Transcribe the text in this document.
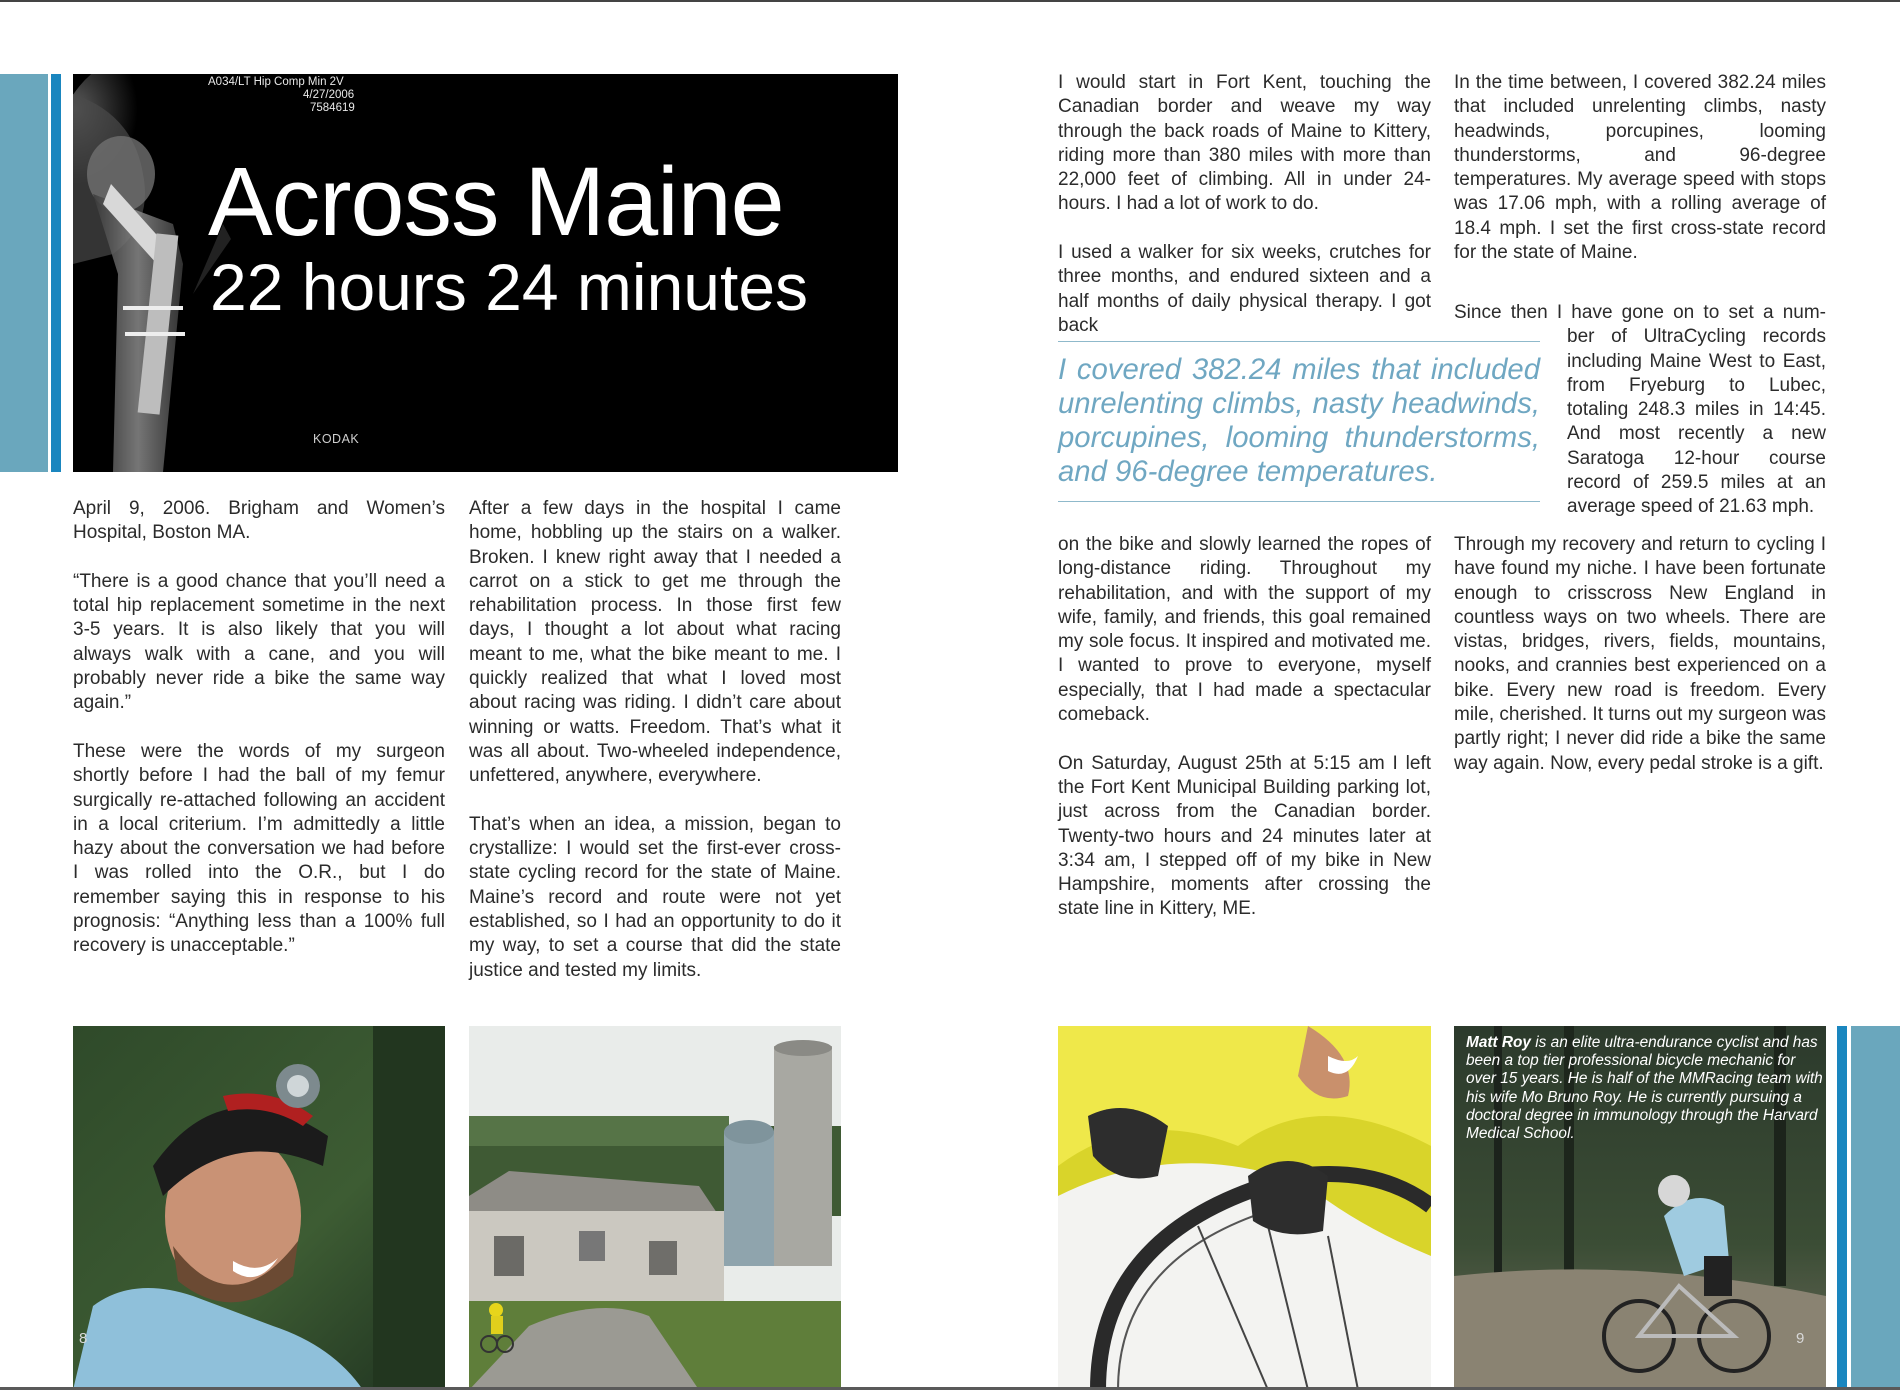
A034/LT Hip Comp Min 2V
4/27/2006
7584619
KODAK
Across Maine
22 hours 24 minutes

April 9, 2006. Brigham and Women’s Hospital, Boston MA.

“There is a good chance that you’ll need a total hip replacement sometime in the next 3-5 years. It is also likely that you will always walk with a cane, and you will probably never ride a bike the same way again.”

These were the words of my surgeon shortly before I had the ball of my femur surgically re-attached following an accident in a local criterium. I’m admittedly a little hazy about the conversation we had before I was rolled into the O.R., but I do remember saying this in response to his prognosis: “Anything less than a 100% full recovery is unacceptable.”

After a few days in the hospital I came home, hobbling up the stairs on a walker. Broken. I knew right away that I needed a carrot on a stick to get me through the rehabilitation process. In those first few days, I thought a lot about what racing meant to me, what the bike meant to me. I quickly realized that what I loved most about racing was riding. I didn’t care about winning or watts. Freedom. That’s what it was all about. Two-wheeled independence, unfettered, anywhere, everywhere.

That’s when an idea, a mission, began to crystallize: I would set the first-ever cross-state cycling record for the state of Maine. Maine’s record and route were not yet established, so I had an opportunity to do it my way, to set a course that did the state justice and tested my limits.

I would start in Fort Kent, touching the Canadian border and weave my way through the back roads of Maine to Kittery, riding more than 380 miles with more than 22,000 feet of climbing. All in under 24-hours. I had a lot of work to do.

I used a walker for six weeks, crutches for three months, and endured sixteen and a half months of daily physical therapy. I got back

I covered 382.24 miles that included unrelenting climbs, nasty headwinds, porcupines, looming thunderstorms, and 96-degree temperatures.

on the bike and slowly learned the ropes of long-distance riding. Throughout my rehabilitation, and with the support of my wife, family, and friends, this goal remained my sole focus. It inspired and motivated me. I wanted to prove to everyone, myself especially, that I had made a spectacular comeback.

On Saturday, August 25th at 5:15 am I left the Fort Kent Municipal Building parking lot, just across from the Canadian border. Twenty-two hours and 24 minutes later at 3:34 am, I stepped off of my bike in New Hampshire, moments after crossing the state line in Kittery, ME.

In the time between, I covered 382.24 miles that included unrelenting climbs, nasty headwinds, porcupines, looming thunderstorms, and 96-degree temperatures. My average speed with stops was 17.06 mph, with a rolling average of 18.4 mph. I set the first cross-state record for the state of Maine.

Since then I have gone on to set a num-
ber of UltraCycling records including Maine West to East, from Fryeburg to Lubec, totaling 248.3 miles in 14:45. And most recently a new Saratoga 12-hour course record of 259.5 miles at an average speed of 21.63 mph.

Through my recovery and return to cycling I have found my niche. I have been fortunate enough to crisscross New England in countless ways on two wheels. There are vistas, bridges, rivers, fields, mountains, nooks, and crannies best experienced on a bike. Every new road is freedom. Every mile, cherished. It turns out my surgeon was partly right; I never did ride a bike the same way again. Now, every pedal stroke is a gift.

8	9
Matt Roy is an elite ultra-endurance cyclist and has been a top tier professional bicycle mechanic for over 15 years. He is half of the MMRacing team with his wife Mo Bruno Roy. He is currently pursuing a doctoral degree in immunology through the Harvard Medical School.
